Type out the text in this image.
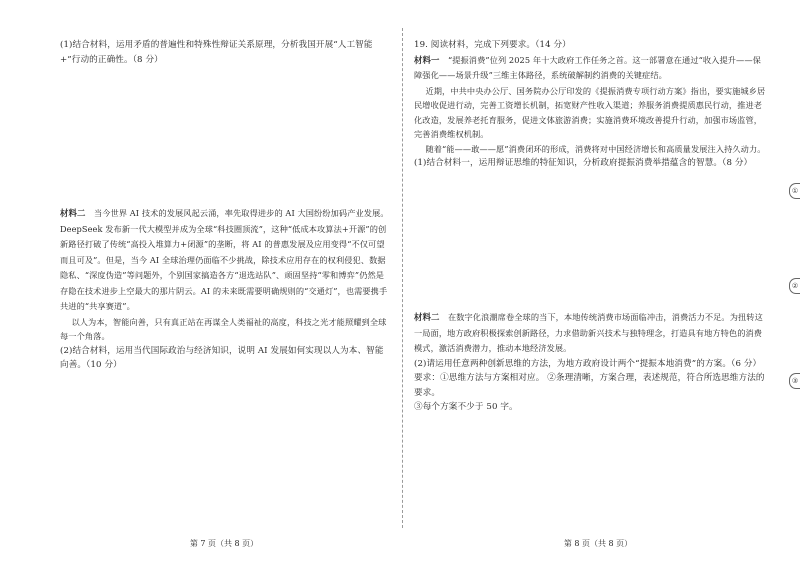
(1)结合材料，运用矛盾的普遍性和特殊性辩证关系原理，分析我国开展“人工智能+”行动的正确性。（8 分）
材料二 当今世界 AI 技术的发展风起云涌，率先取得进步的 AI 大国纷纷加码产业发展。DeepSeek 发布新一代大模型并成为全球“科技圈顶流”，这种“低成本攻算法+开源”的创新路径打破了传统“高投入堆算力+闭源”的垄断，将 AI 的普惠发展及应用变得“不仅可望而且可及”。但是，当今 AI 全球治理仍面临不少挑战，除技术应用存在的权利侵犯、数据隐私、“深度伪造”等问题外，个别国家搞造各方“退选站队”、顽固坚持“零和博弈”仍然是存隐在技术进步上空最大的那片阴云。AI 的未来既需要明确规则的“交通灯”，也需要携手共进的“共享赛道”。
以人为本，智能向善，只有真正站在再谋全人类福祉的高度，科技之光才能照耀到全球每一个角落。
(2)结合材料，运用当代国际政治与经济知识，说明 AI 发展如何实现以人为本、智能向善。（10 分）
第 7 页（共 8 页）
19. 阅读材料，完成下列要求。（14 分）
材料一 “提振消费”位列 2025 年十大政府工作任务之首。这一部署意在通过“收入提升——保障强化——场景升级”三维主体路径，系统破解制约消费的关键症结。
近期，中共中央办公厅、国务院办公厅印发的《提振消费专项行动方案》指出，要实施城乡居民增收促进行动，完善工资增长机制，拓宽财产性收入渠道；养服务消费提质惠民行动，推进老化改造，发展养老托育服务，促进文体旅游消费；实施消费环境改善提升行动，加强市场监管，完善消费维权机制。
随着“能——敢——愿”消费闭环的形成，消费将对中国经济增长和高质量发展注入持久动力。
(1)结合材料一，运用辩证思维的特征知识，分析政府提振消费举措蕴含的智慧。（8 分）
材料二 在数字化浪潮席卷全球的当下，本地传统消费市场面临冲击，消费活力不足。为扭转这一局面，地方政府积极探索创新路径，力求借助新兴技术与独特理念，打造具有地方特色的消费模式，激活消费潜力，推动本地经济发展。
(2)请运用任意两种创新思维的方法，为地方政府设计两个“提振本地消费”的方案。（6 分）
要求：①思维方法与方案相对应。 ②条理清晰，方案合理，表述规范，符合所选思维方法的要求。
③每个方案不少于 50 字。
第 8 页（共 8 页）
①
②
③
